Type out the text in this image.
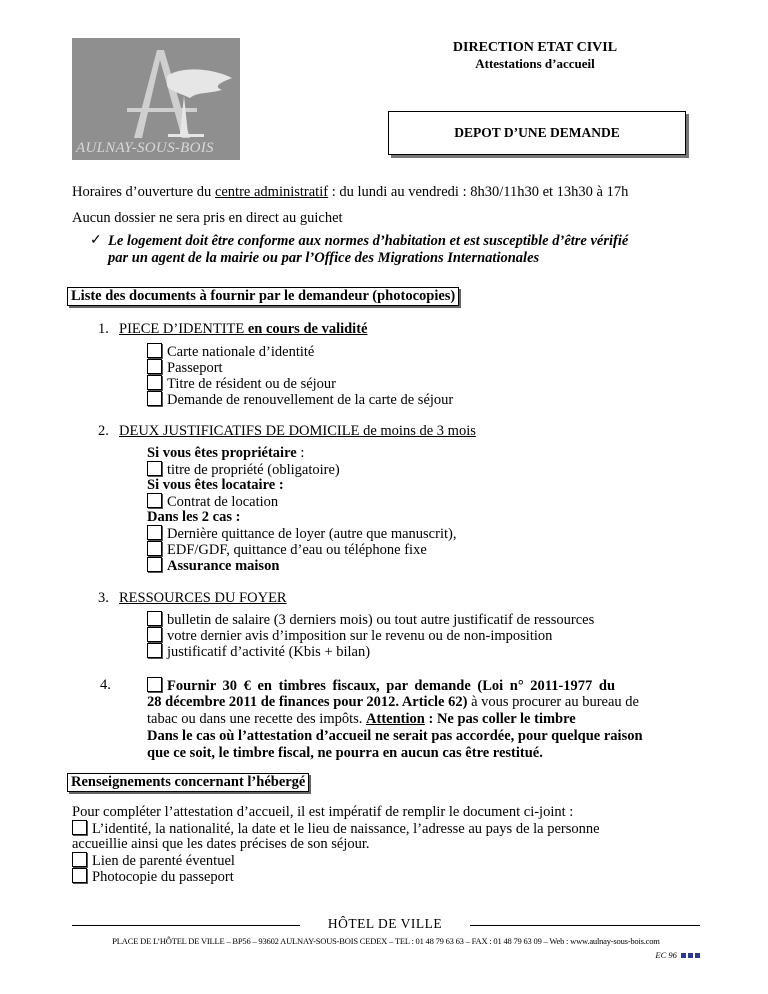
AULNAY-SOUS-BOIS
DIRECTION ETAT CIVIL
Attestations d’accueil
DEPOT D’UNE DEMANDE
Horaires d’ouverture du centre administratif : du lundi au vendredi : 8h30/11h30 et 13h30 à 17h
Aucun dossier ne sera pris en direct au guichet
✓ Le logement doit être conforme aux normes d’habitation et est susceptible d’être vérifié
par un agent de la mairie ou par l’Office des Migrations Internationales
Liste des documents à fournir par le demandeur (photocopies)
1. PIECE D’IDENTITE en cours de validité
Carte nationale d’identité
Passeport
Titre de résident ou de séjour
Demande de renouvellement de la carte de séjour
2. DEUX JUSTIFICATIFS DE DOMICILE de moins de 3 mois
Si vous êtes propriétaire :
titre de propriété (obligatoire)
Si vous êtes locataire :
Contrat de location
Dans les 2 cas :
Dernière quittance de loyer (autre que manuscrit),
EDF/GDF, quittance d’eau ou téléphone fixe
Assurance maison
3. RESSOURCES DU FOYER
bulletin de salaire (3 derniers mois) ou tout autre justificatif de ressources
votre dernier avis d’imposition sur le revenu ou de non-imposition
justificatif d’activité (Kbis + bilan)
4.	Fournir 30 € en timbres fiscaux, par demande (Loi n° 2011-1977 du
28 décembre 2011 de finances pour 2012. Article 62) à vous procurer au bureau de
tabac ou dans une recette des impôts. Attention : Ne pas coller le timbre
Dans le cas où l’attestation d’accueil ne serait pas accordée, pour quelque raison
que ce soit, le timbre fiscal, ne pourra en aucun cas être restitué.
Renseignements concernant l’hébergé
Pour compléter l’attestation d’accueil, il est impératif de remplir le document ci-joint :
L’identité, la nationalité, la date et le lieu de naissance, l’adresse au pays de la personne
accueillie ainsi que les dates précises de son séjour.
Lien de parenté éventuel
Photocopie du passeport
HÔTEL DE VILLE
PLACE DE L’HÔTEL DE VILLE – BP56 – 93602 AULNAY-SOUS-BOIS CEDEX – TEL : 01 48 79 63 63 – FAX : 01 48 79 63 09 – Web : www.aulnay-sous-bois.com
EC 96
